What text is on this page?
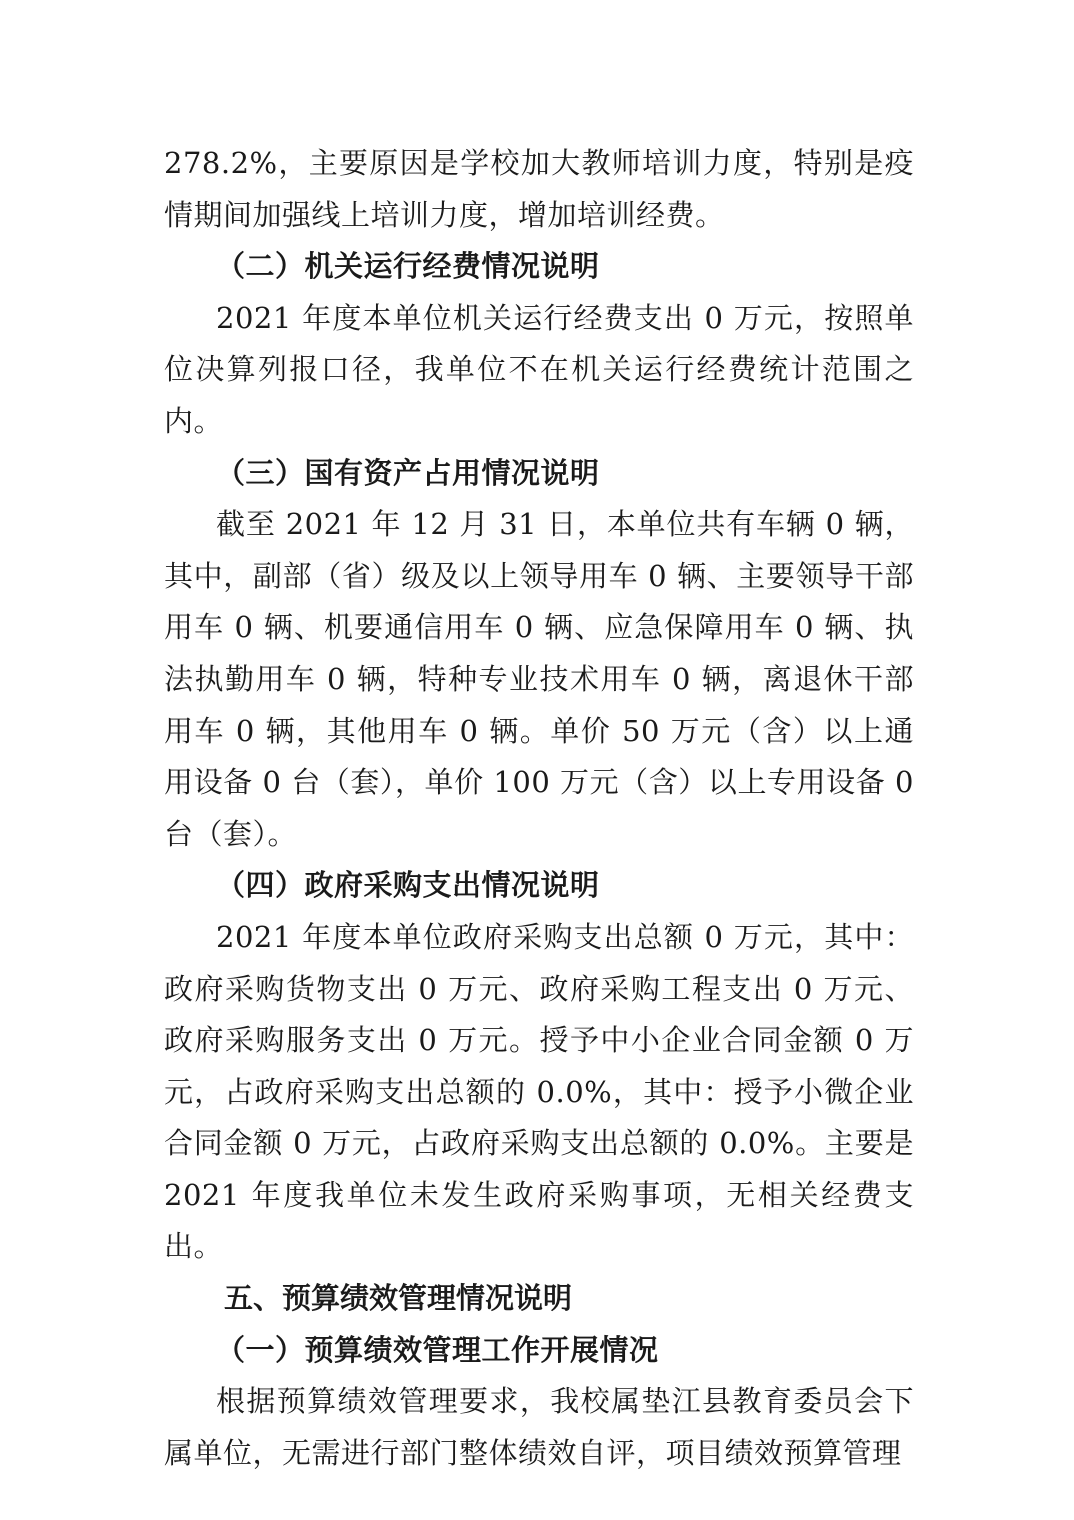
278.2%，主要原因是学校加大教师培训力度，特别是疫情期间加强线上培训力度，增加培训经费。

（二）机关运行经费情况说明

2021 年度本单位机关运行经费支出 0 万元，按照单位决算列报口径，我单位不在机关运行经费统计范围之内。

（三）国有资产占用情况说明

截至 2021 年 12 月 31 日，本单位共有车辆 0 辆，其中，副部（省）级及以上领导用车 0 辆、主要领导干部用车 0 辆、机要通信用车 0 辆、应急保障用车 0 辆、执法执勤用车 0 辆，特种专业技术用车 0 辆，离退休干部用车 0 辆，其他用车 0 辆。单价 50 万元（含）以上通用设备 0 台（套），单价 100 万元（含）以上专用设备 0 台（套）。

（四）政府采购支出情况说明

2021 年度本单位政府采购支出总额 0 万元，其中：政府采购货物支出 0 万元、政府采购工程支出 0 万元、政府采购服务支出 0 万元。授予中小企业合同金额 0 万元，占政府采购支出总额的 0.0%，其中：授予小微企业合同金额 0 万元，占政府采购支出总额的 0.0%。主要是 2021 年度我单位未发生政府采购事项，无相关经费支出。

五、预算绩效管理情况说明

（一）预算绩效管理工作开展情况

根据预算绩效管理要求，我校属垫江县教育委员会下属单位，无需进行部门整体绩效自评，项目绩效预算管理
